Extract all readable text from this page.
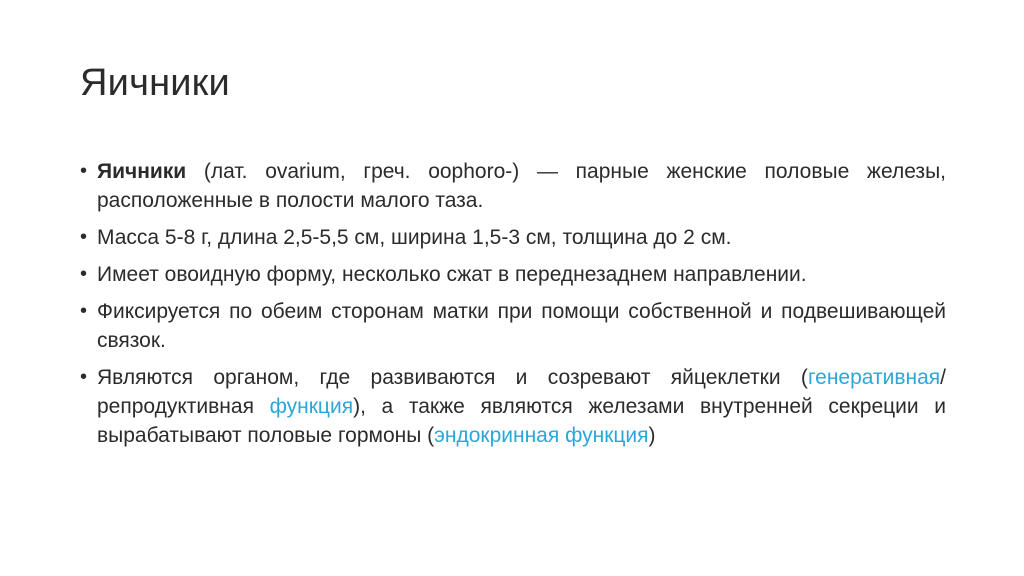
Яичники
• Яичники (лат. ovarium, греч. oophoro-) — парные женские половые железы, расположенные в полости малого таза.
• Масса 5-8 г, длина 2,5-5,5 см, ширина 1,5-3 см, толщина до 2 см.
• Имеет овоидную форму, несколько сжат в переднезаднем направлении.
• Фиксируется по обеим сторонам матки при помощи собственной и подвешивающей связок.
• Являются органом, где развиваются и созревают яйцеклетки (генеративная/репродуктивная функция), а также являются железами внутренней секреции и вырабатывают половые гормоны (эндокринная функция)
